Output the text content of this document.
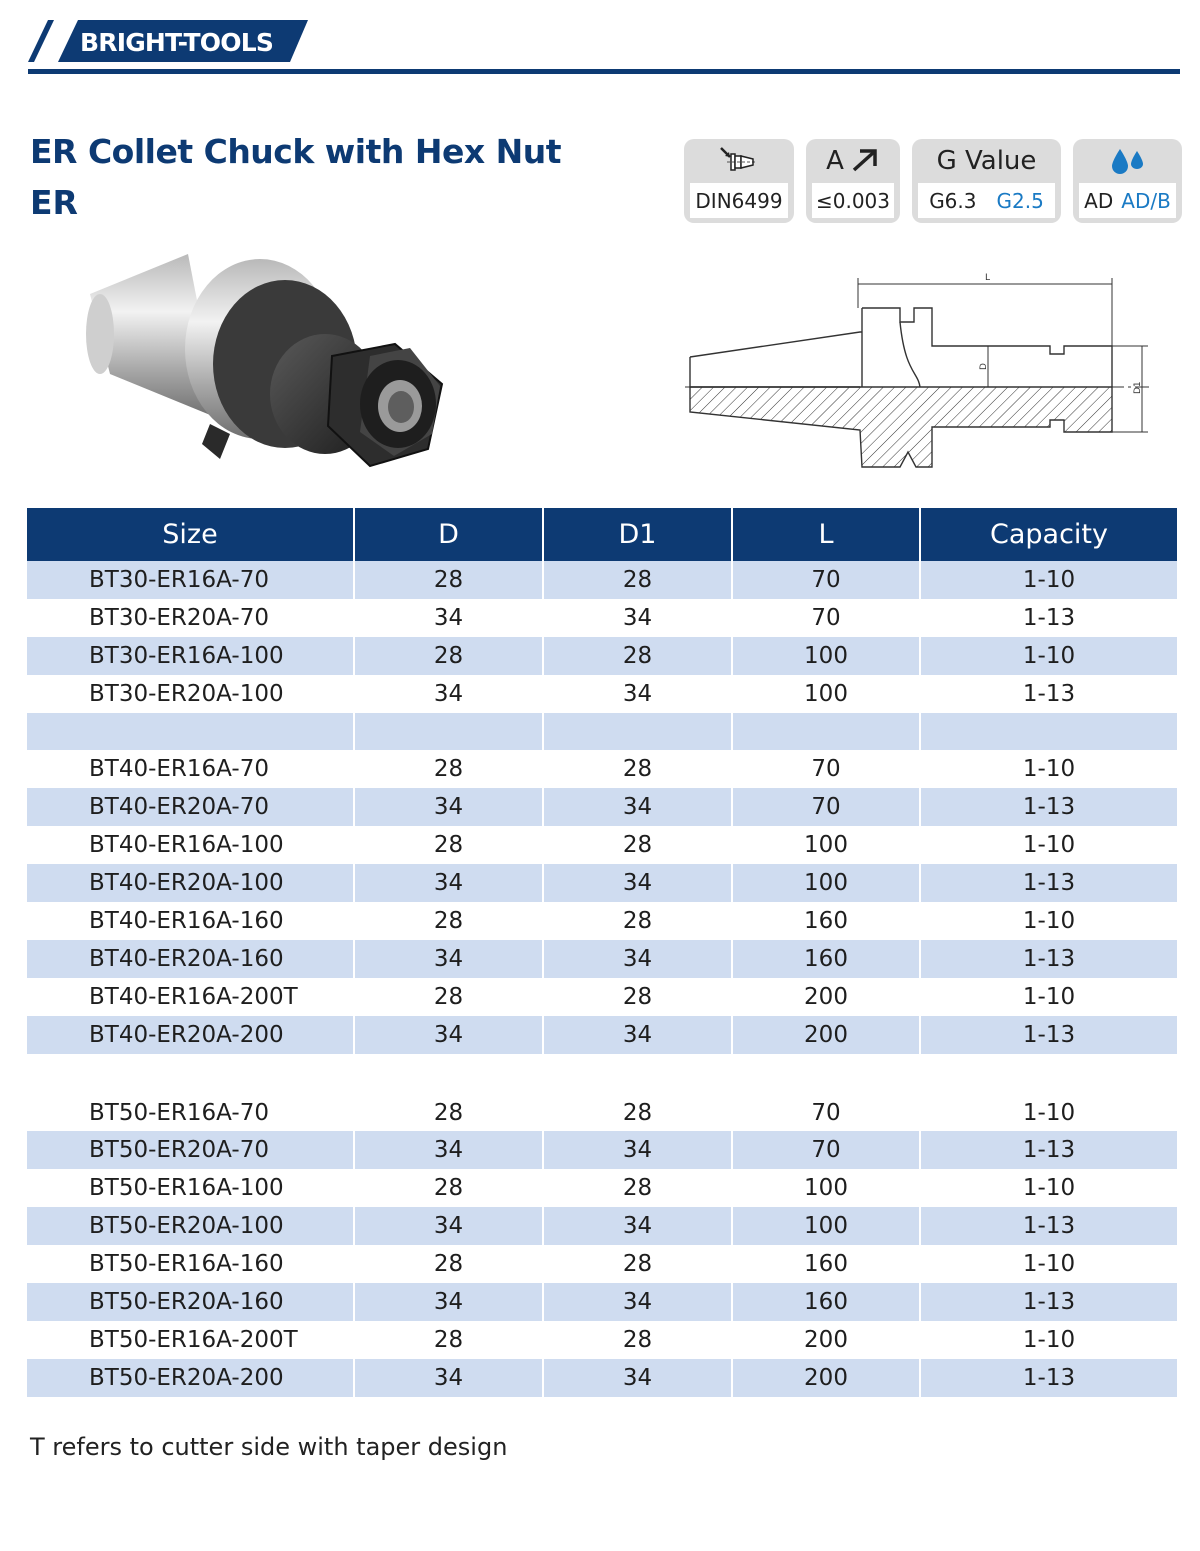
BRIGHT-TOOLS
ER Collet Chuck with Hex Nut
ER	DIN6499
A
≤0.003
G Value
G6.3 G2.5 AD AD/B
L
D
D1
Size	D	D1	L	Capacity
BT30-ER16A-70	28	28	70	1-10
BT30-ER20A-70	34	34	70	1-13
BT30-ER16A-100	28	28	100	1-10
BT30-ER20A-100	34	34	100	1-13
BT40-ER16A-70	28	28	70	1-10
BT40-ER20A-70	34	34	70	1-13
BT40-ER16A-100	28	28	100	1-10
BT40-ER20A-100	34	34	100	1-13
BT40-ER16A-160	28	28	160	1-10
BT40-ER20A-160	34	34	160	1-13
BT40-ER16A-200T	28	28	200	1-10
BT40-ER20A-200	34	34	200	1-13
BT50-ER16A-70	28	28	70	1-10
BT50-ER20A-70	34	34	70	1-13
BT50-ER16A-100	28	28	100	1-10
BT50-ER20A-100	34	34	100	1-13
BT50-ER16A-160	28	28	160	1-10
BT50-ER20A-160	34	34	160	1-13
BT50-ER16A-200T	28	28	200	1-10
BT50-ER20A-200	34	34	200	1-13
T refers to cutter side with taper design
